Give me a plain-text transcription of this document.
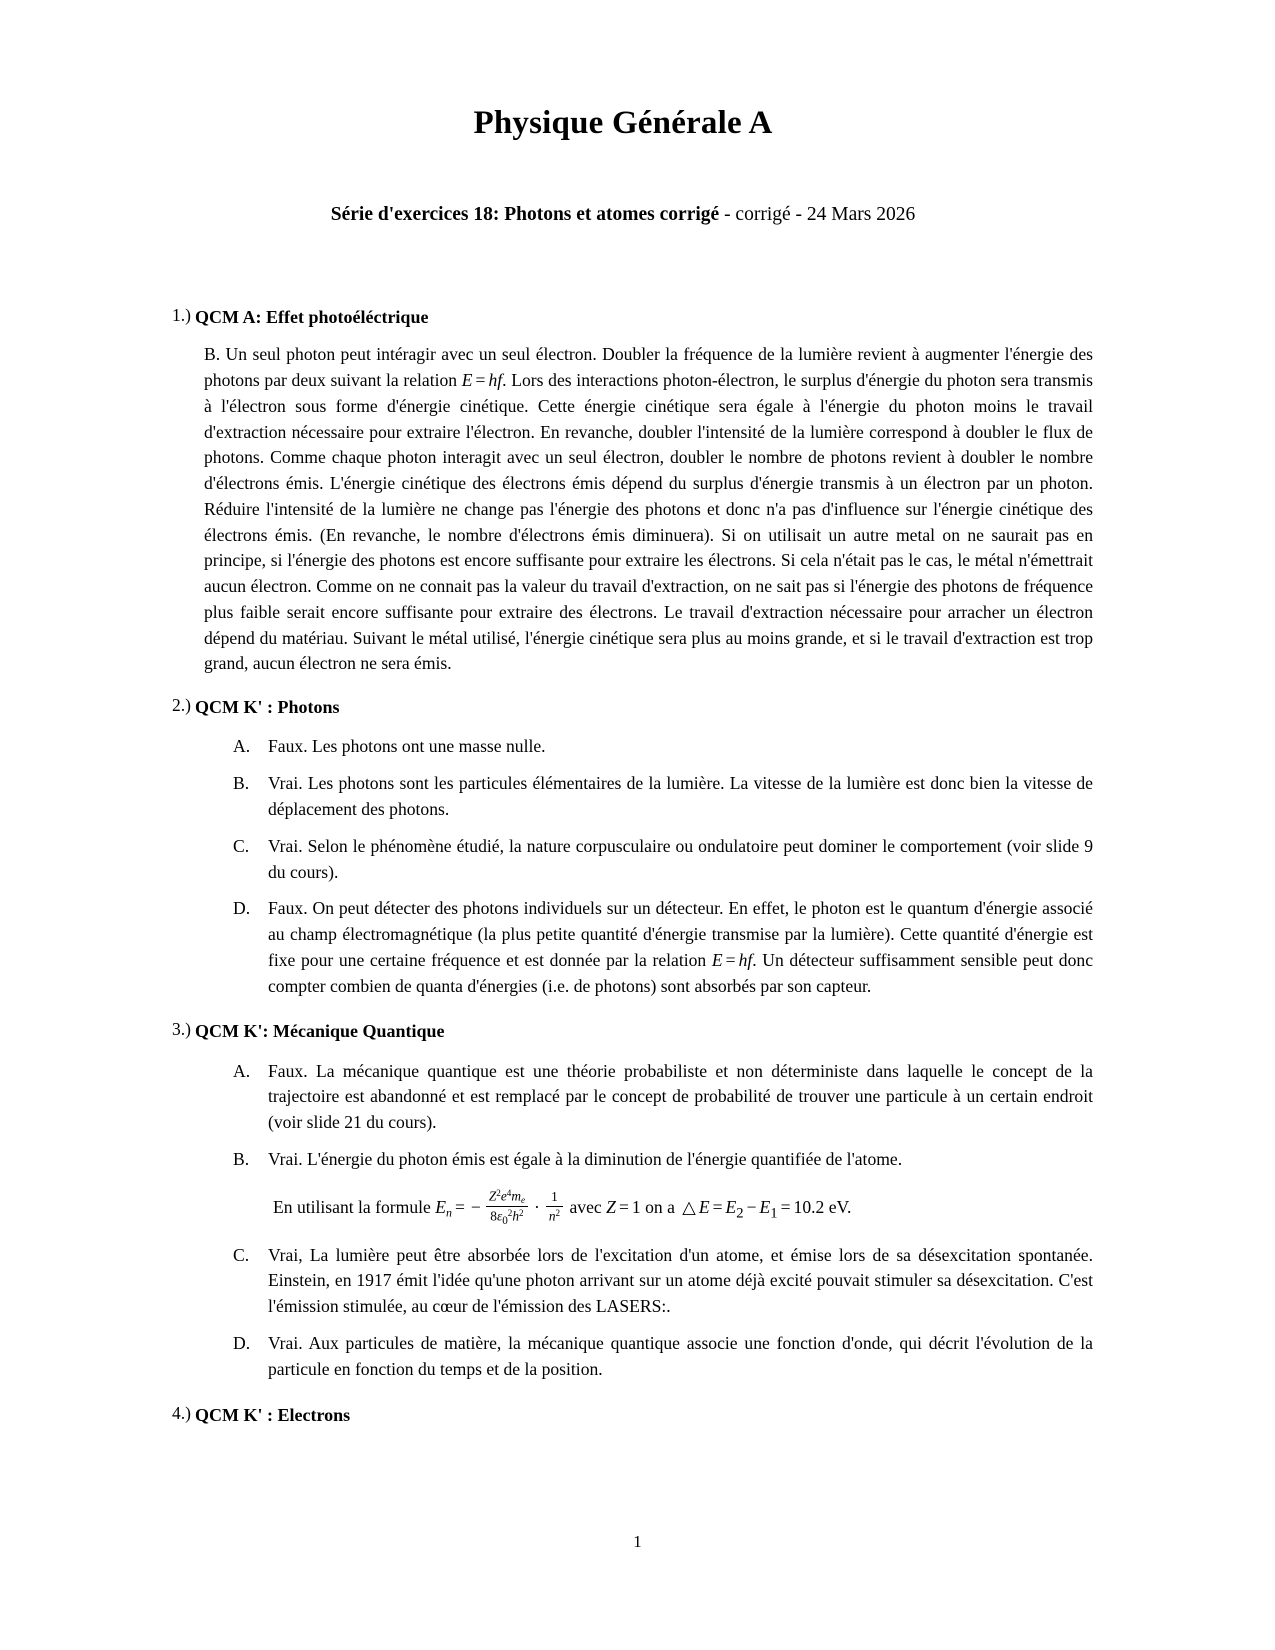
Physique Générale A
Série d'exercices 18: Photons et atomes corrigé - corrigé - 24 Mars 2026
1.) QCM A: Effet photoéléctrique
B. Un seul photon peut intéragir avec un seul électron. Doubler la fréquence de la lumière revient à augmenter l'énergie des photons par deux suivant la relation E = hf. Lors des interactions photon-électron, le surplus d'énergie du photon sera transmis à l'électron sous forme d'énergie cinétique. Cette énergie cinétique sera égale à l'énergie du photon moins le travail d'extraction nécessaire pour extraire l'électron. En revanche, doubler l'intensité de la lumière correspond à doubler le flux de photons. Comme chaque photon interagit avec un seul électron, doubler le nombre de photons revient à doubler le nombre d'électrons émis. L'énergie cinétique des électrons émis dépend du surplus d'énergie transmis à un électron par un photon. Réduire l'intensité de la lumière ne change pas l'énergie des photons et donc n'a pas d'influence sur l'énergie cinétique des électrons émis. (En revanche, le nombre d'électrons émis diminuera). Si on utilisait un autre metal on ne saurait pas en principe, si l'énergie des photons est encore suffisante pour extraire les électrons. Si cela n'était pas le cas, le métal n'émettrait aucun électron. Comme on ne connait pas la valeur du travail d'extraction, on ne sait pas si l'énergie des photons de fréquence plus faible serait encore suffisante pour extraire des électrons. Le travail d'extraction nécessaire pour arracher un électron dépend du matériau. Suivant le métal utilisé, l'énergie cinétique sera plus au moins grande, et si le travail d'extraction est trop grand, aucun électron ne sera émis.
2.) QCM K' : Photons
A.	Faux. Les photons ont une masse nulle.
B.	Vrai. Les photons sont les particules élémentaires de la lumière. La vitesse de la lumière est donc bien la vitesse de déplacement des photons.
C.	Vrai. Selon le phénomène étudié, la nature corpusculaire ou ondulatoire peut dominer le comportement (voir slide 9 du cours).
D.	Faux. On peut détecter des photons individuels sur un détecteur. En effet, le photon est le quantum d'énergie associé au champ électromagnétique (la plus petite quantité d'énergie transmise par la lumière). Cette quantité d'énergie est fixe pour une certaine fréquence et est donnée par la relation E = hf. Un détecteur suffisamment sensible peut donc compter combien de quanta d'énergies (i.e. de photons) sont absorbés par son capteur.
3.) QCM K': Mécanique Quantique
A.	Faux. La mécanique quantique est une théorie probabiliste et non déterministe dans laquelle le concept de la trajectoire est abandonné et est remplacé par le concept de probabilité de trouver une particule à un certain endroit (voir slide 21 du cours).
B.	Vrai. L'énergie du photon émis est égale à la diminution de l'énergie quantifiée de l'atome.
En utilisant la formule $E_n$ = − $\frac{Z^2e^4m_e}{8\varepsilon_0^2h^2} \cdot \frac{1}{n^2}$ avec Z = 1 on a △ $E = E_2 - E_1 = 10.2$ eV.
C.	Vrai, La lumière peut être absorbée lors de l'excitation d'un atome, et émise lors de sa désexcitation spontanée. Einstein, en 1917 émit l'idée qu'une photon arrivant sur un atome déjà excité pouvait stimuler sa désexcitation. C'est l'émission stimulée, au cœur de l'émission des LASERS:.
D.	Vrai. Aux particules de matière, la mécanique quantique associe une fonction d'onde, qui décrit l'évolution de la particule en fonction du temps et de la position.
4.) QCM K' : Electrons
1
